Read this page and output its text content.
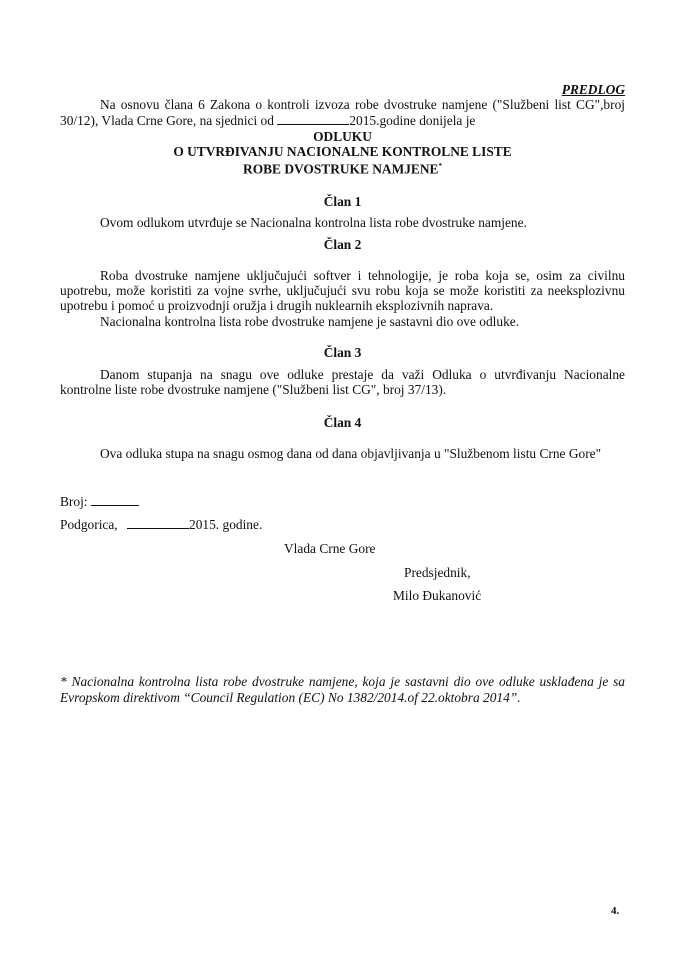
PREDLOG
Na osnovu člana 6 Zakona o kontroli izvoza robe dvostruke namjene ("Službeni list CG",broj
30/12), Vlada Crne Gore, na sjednici od	2015.godine donijela je
ODLUKU
O UTVRĐIVANJU NACIONALNE KONTROLNE LISTE
ROBE DVOSTRUKE NAMJENE*
Član 1
Ovom odlukom utvrđuje se Nacionalna kontrolna lista robe dvostruke namjene.
Član 2
Roba dvostruke namjene uključujući softver i tehnologije, je roba koja se, osim za civilnu
upotrebu, može koristiti za vojne svrhe, uključujući svu robu koja se može koristiti za neeksplozivnu
upotrebu i pomoć u proizvodnji oružja i drugih nuklearnih eksplozivnih naprava.
Nacionalna kontrolna lista robe dvostruke namjene je sastavni dio ove odluke.
Član 3
Danom stupanja na snagu ove odluke prestaje da važi Odluka o utvrđivanju Nacionalne
kontrolne liste robe dvostruke namjene ("Službeni list CG", broj 37/13).
Član 4
Ova odluka stupa na snagu osmog dana od dana objavljivanja u "Službenom listu Crne Gore"
Broj:
Podgorica,	2015. godine.
Vlada Crne Gore
Predsjednik,
Milo Đukanović
* Nacionalna kontrolna lista robe dvostruke namjene, koja je sastavni dio ove odluke usklađena je sa
Evropskom direktivom “Council Regulation (EC) No 1382/2014.of 22.oktobra 2014”.
4.
